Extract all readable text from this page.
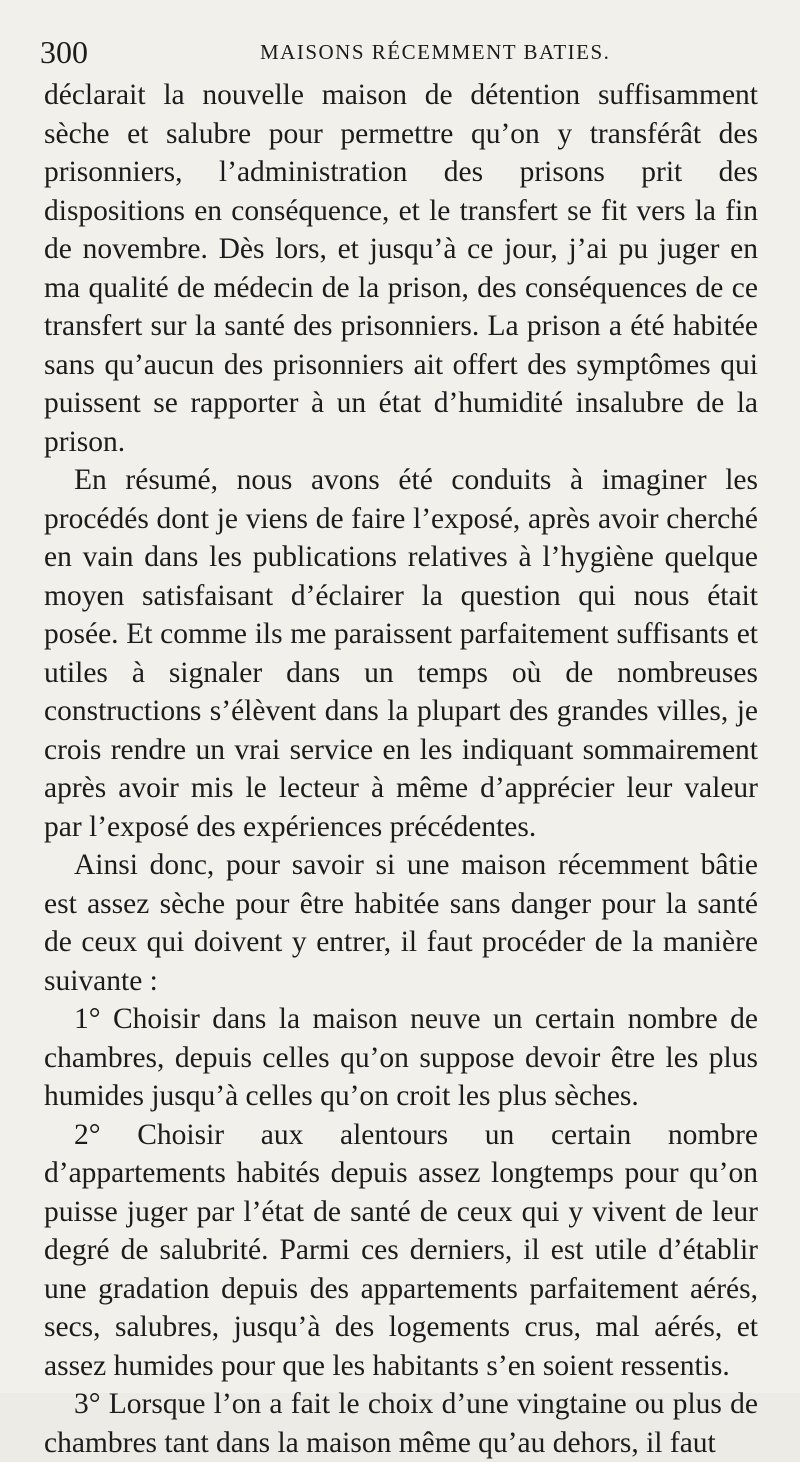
300	MAISONS RÉCEMMENT BATIES.

déclarait la nouvelle maison de détention suffisamment sèche et salubre pour permettre qu’on y transférât des prisonniers, l’administration des prisons prit des dispositions en conséquence, et le transfert se fit vers la fin de novembre. Dès lors, et jusqu’à ce jour, j’ai pu juger en ma qualité de médecin de la prison, des conséquences de ce transfert sur la santé des prisonniers. La prison a été habitée sans qu’aucun des prisonniers ait offert des symptômes qui puissent se rapporter à un état d’humidité insalubre de la prison.

En résumé, nous avons été conduits à imaginer les procédés dont je viens de faire l’exposé, après avoir cherché en vain dans les publications relatives à l’hygiène quelque moyen satisfaisant d’éclairer la question qui nous était posée. Et comme ils me paraissent parfaitement suffisants et utiles à signaler dans un temps où de nombreuses constructions s’élèvent dans la plupart des grandes villes, je crois rendre un vrai service en les indiquant sommairement après avoir mis le lecteur à même d’apprécier leur valeur par l’exposé des expériences précédentes.

Ainsi donc, pour savoir si une maison récemment bâtie est assez sèche pour être habitée sans danger pour la santé de ceux qui doivent y entrer, il faut procéder de la manière suivante :

1° Choisir dans la maison neuve un certain nombre de chambres, depuis celles qu’on suppose devoir être les plus humides jusqu’à celles qu’on croit les plus sèches.

2° Choisir aux alentours un certain nombre d’appartements habités depuis assez longtemps pour qu’on puisse juger par l’état de santé de ceux qui y vivent de leur degré de salubrité. Parmi ces derniers, il est utile d’établir une gradation depuis des appartements parfaitement aérés, secs, salubres, jusqu’à des logements crus, mal aérés, et assez humides pour que les habitants s’en soient ressentis.

3° Lorsque l’on a fait le choix d’une vingtaine ou plus de chambres tant dans la maison même qu’au dehors, il faut
